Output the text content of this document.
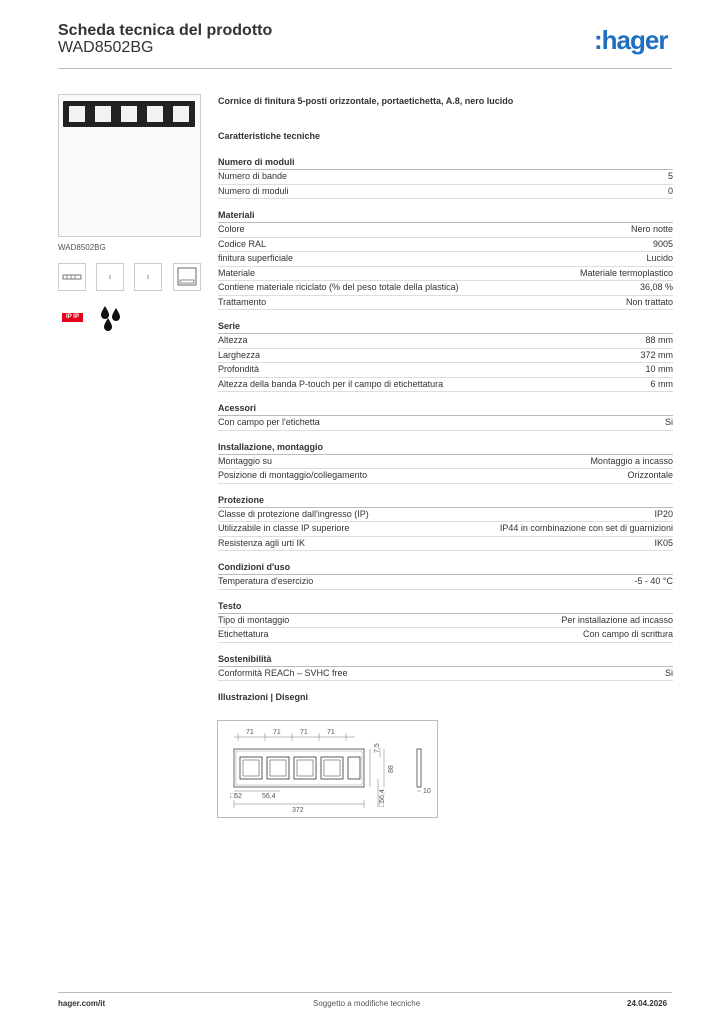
Scheda tecnica del prodotto
WAD8502BG	:hager
WAD8502BG
IP IP
Cornice di finitura 5-posti orizzontale, portaetichetta, A.8, nero lucido
Caratteristiche tecniche
Numero di moduli
Numero di bande	5
Numero di moduli	0
Materiali
Colore	Nero notte
Codice RAL	9005
finitura superficiale	Lucido
Materiale	Materiale termoplastico
Contiene materiale riciclato (% del peso totale della plastica)	36,08 %
Trattamento	Non trattato
Serie
Altezza	88 mm
Larghezza	372 mm
Profondità	10 mm
Altezza della banda P-touch per il campo di etichettatura	6 mm
Acessori
Con campo per l'etichetta	Si
Installazione, montaggio
Montaggio su	Montaggio a incasso
Posizione di montaggio/collegamento	Orizzontale
Protezione
Classe di protezione dall'ingresso (IP)	IP20
Utilizzabile in classe IP superiore	IP44 in combinazione con set di guarnizioni
Resistenza agli urti IK	IK05
Condizioni d'uso
Temperatura d'esercizio	-5 - 40 °C
Testo
Tipo di montaggio	Per installazione ad incasso
Etichettatura	Con campo di scrittura
Sostenibilità
Conformità REACh – SVHC free	Si
Illustrazioni | Disegni
71	71	71	71
7,5
88
□56,4	10
□52	56,4
372
hager.com/it	Soggetto a modifiche tecniche	24.04.2026
